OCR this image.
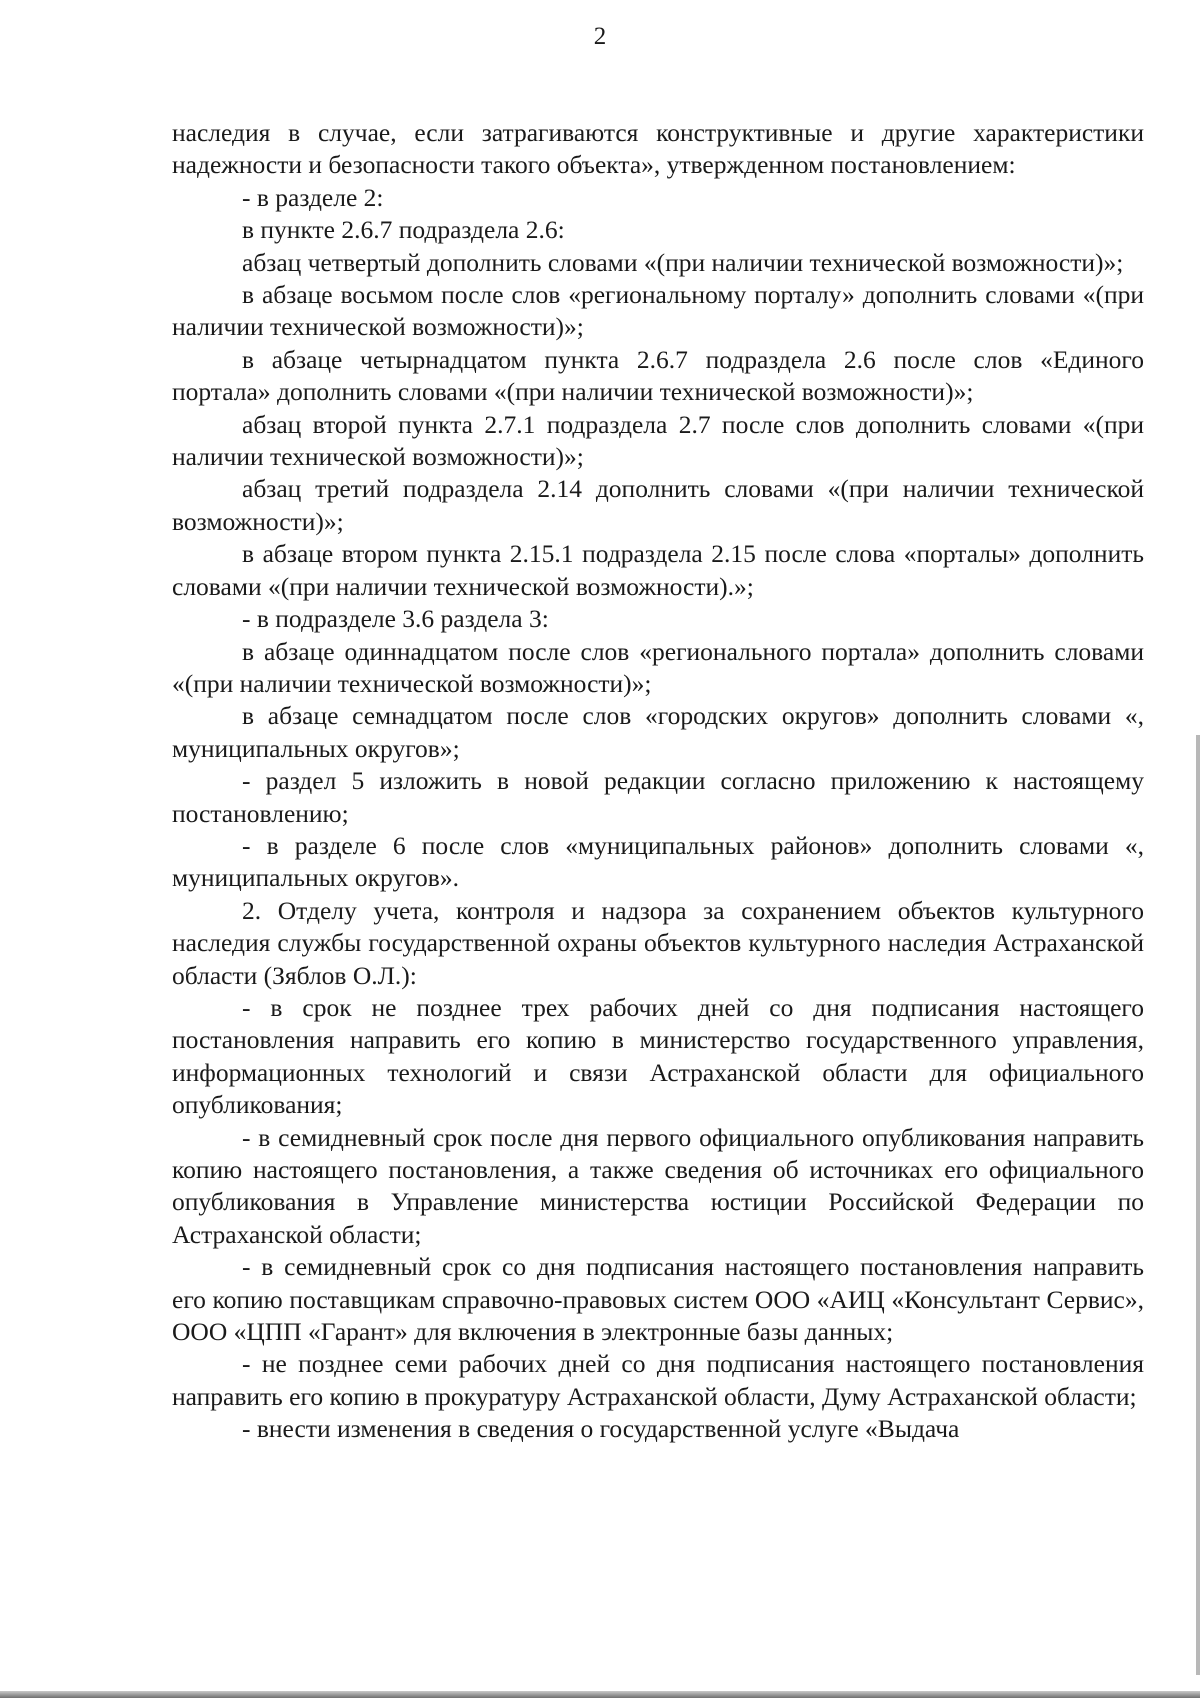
2

наследия в случае, если затрагиваются конструктивные и другие характеристики надежности и безопасности такого объекта», утвержденном постановлением:

- в разделе 2:

в пункте 2.6.7 подраздела 2.6:

абзац четвертый дополнить словами «(при наличии технической возможности)»;

в абзаце восьмом после слов «региональному порталу» дополнить словами «(при наличии технической возможности)»;

в абзаце четырнадцатом пункта 2.6.7 подраздела 2.6 после слов «Единого портала» дополнить словами «(при наличии технической возможности)»;

абзац второй пункта 2.7.1 подраздела 2.7 после слов дополнить словами «(при наличии технической возможности)»;

абзац третий подраздела 2.14 дополнить словами «(при наличии технической возможности)»;

в абзаце втором пункта 2.15.1 подраздела 2.15 после слова «порталы» дополнить словами «(при наличии технической возможности).»;

- в подразделе 3.6 раздела 3:

в абзаце одиннадцатом после слов «регионального портала» дополнить словами «(при наличии технической возможности)»;

в абзаце семнадцатом после слов «городских округов» дополнить словами «, муниципальных округов»;

- раздел 5 изложить в новой редакции согласно приложению к настоящему постановлению;

- в разделе 6 после слов «муниципальных районов» дополнить словами «, муниципальных округов».

2. Отделу учета, контроля и надзора за сохранением объектов культурного наследия службы государственной охраны объектов культурного наследия Астраханской области (Зяблов О.Л.):

- в срок не позднее трех рабочих дней со дня подписания настоящего постановления направить его копию в министерство государственного управления, информационных технологий и связи Астраханской области для официального опубликования;

- в семидневный срок после дня первого официального опубликования направить копию настоящего постановления, а также сведения об источниках его официального опубликования в Управление министерства юстиции Российской Федерации по Астраханской области;

- в семидневный срок со дня подписания настоящего постановления направить его копию поставщикам справочно-правовых систем ООО «АИЦ «Консультант Сервис», ООО «ЦПП «Гарант» для включения в электронные базы данных;

- не позднее семи рабочих дней со дня подписания настоящего постановления направить его копию в прокуратуру Астраханской области, Думу Астраханской области;

- внести изменения в сведения о государственной услуге «Выдача
